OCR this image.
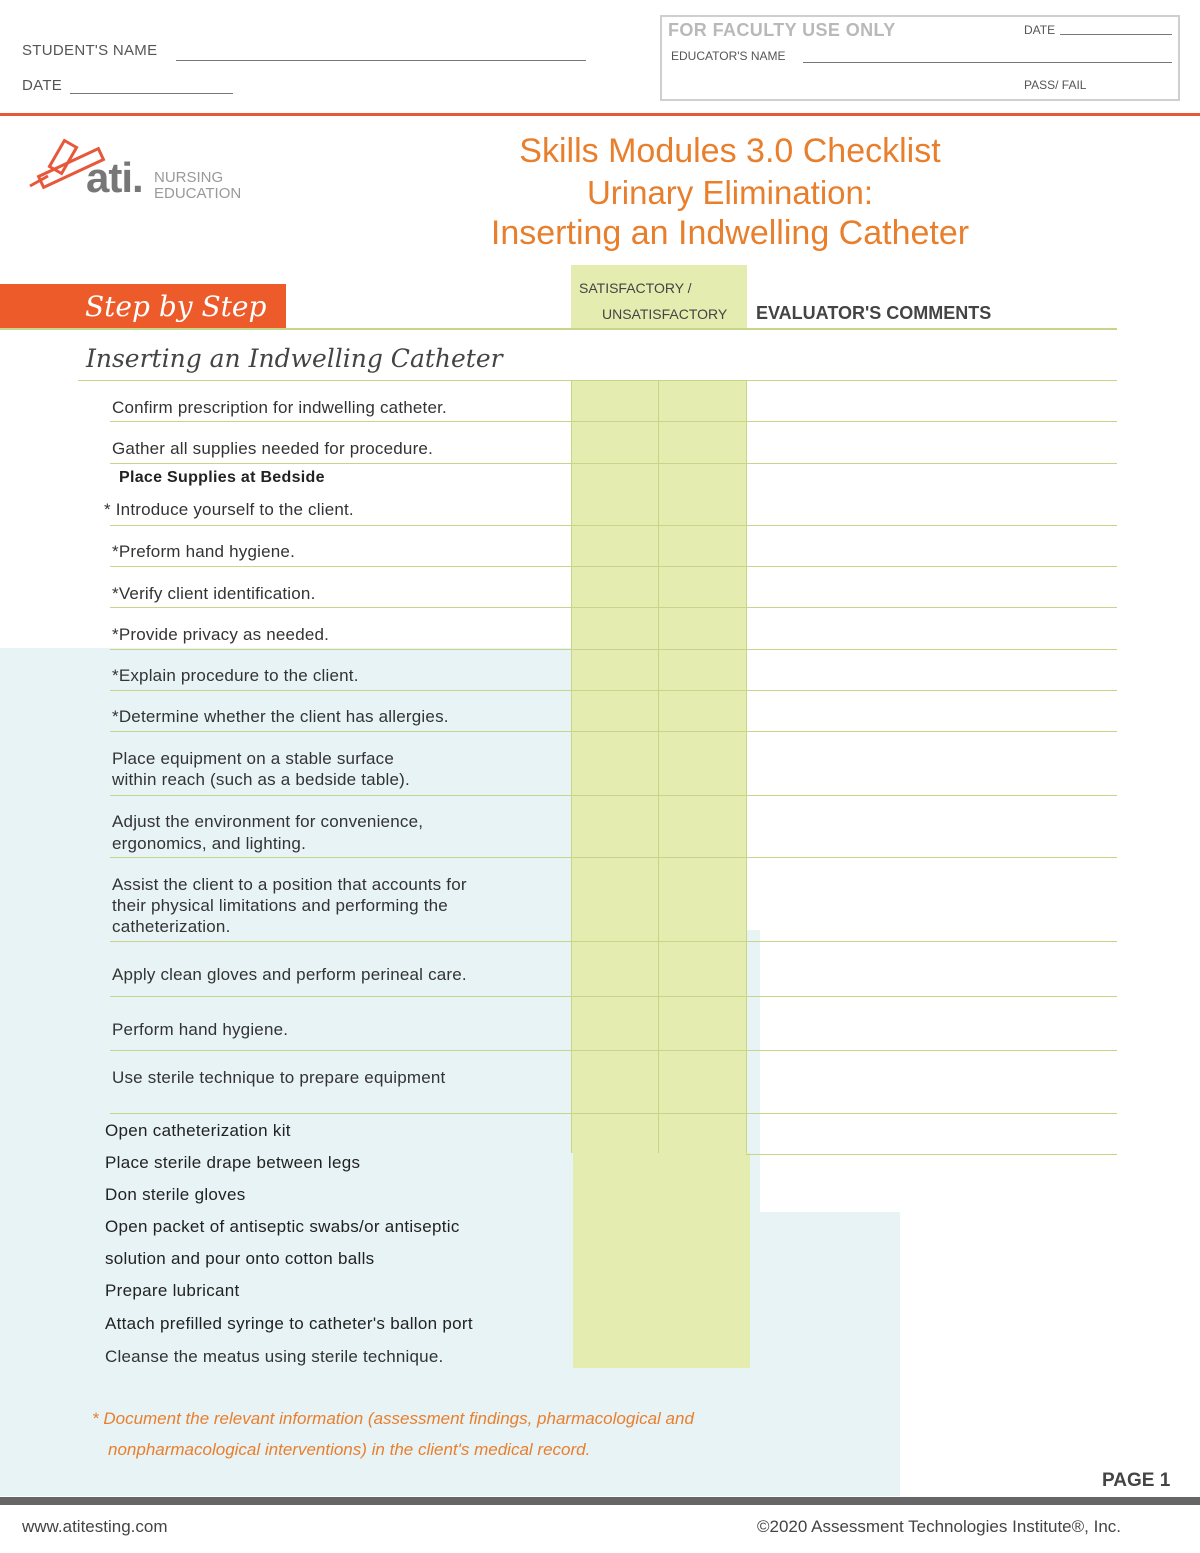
STUDENT'S NAME
DATE
FOR FACULTY USE ONLY	DATE
EDUCATOR'S NAME
PASS/ FAIL
ati. NURSING
EDUCATION
Skills Modules 3.0 Checklist
Urinary Elimination:
Inserting an Indwelling Catheter
Step by Step
SATISFACTORY /
UNSATISFACTORY EVALUATOR'S COMMENTS
Inserting an Indwelling Catheter
Confirm prescription for indwelling catheter.
Gather all supplies needed for procedure.
Place Supplies at Bedside
* Introduce yourself to the client.
*Preform hand hygiene.
*Verify client identification.
*Provide privacy as needed.
*Explain procedure to the client.
*Determine whether the client has allergies.
Place equipment on a stable surface
within reach (such as a bedside table).
Adjust the environment for convenience,
ergonomics, and lighting.
Assist the client to a position that accounts for
their physical limitations and performing the
catheterization.
Apply clean gloves and perform perineal care.
Perform hand hygiene.
Use sterile technique to prepare equipment
Open catheterization kit
Place sterile drape between legs
Don sterile gloves
Open packet of antiseptic swabs/or antiseptic
solution and pour onto cotton balls
Prepare lubricant
Attach prefilled syringe to catheter's ballon port
Cleanse the meatus using sterile technique.
* Document the relevant information (assessment findings, pharmacological and
nonpharmacological interventions) in the client's medical record.
PAGE 1
www.atitesting.com	©2020 Assessment Technologies Institute®, Inc.
